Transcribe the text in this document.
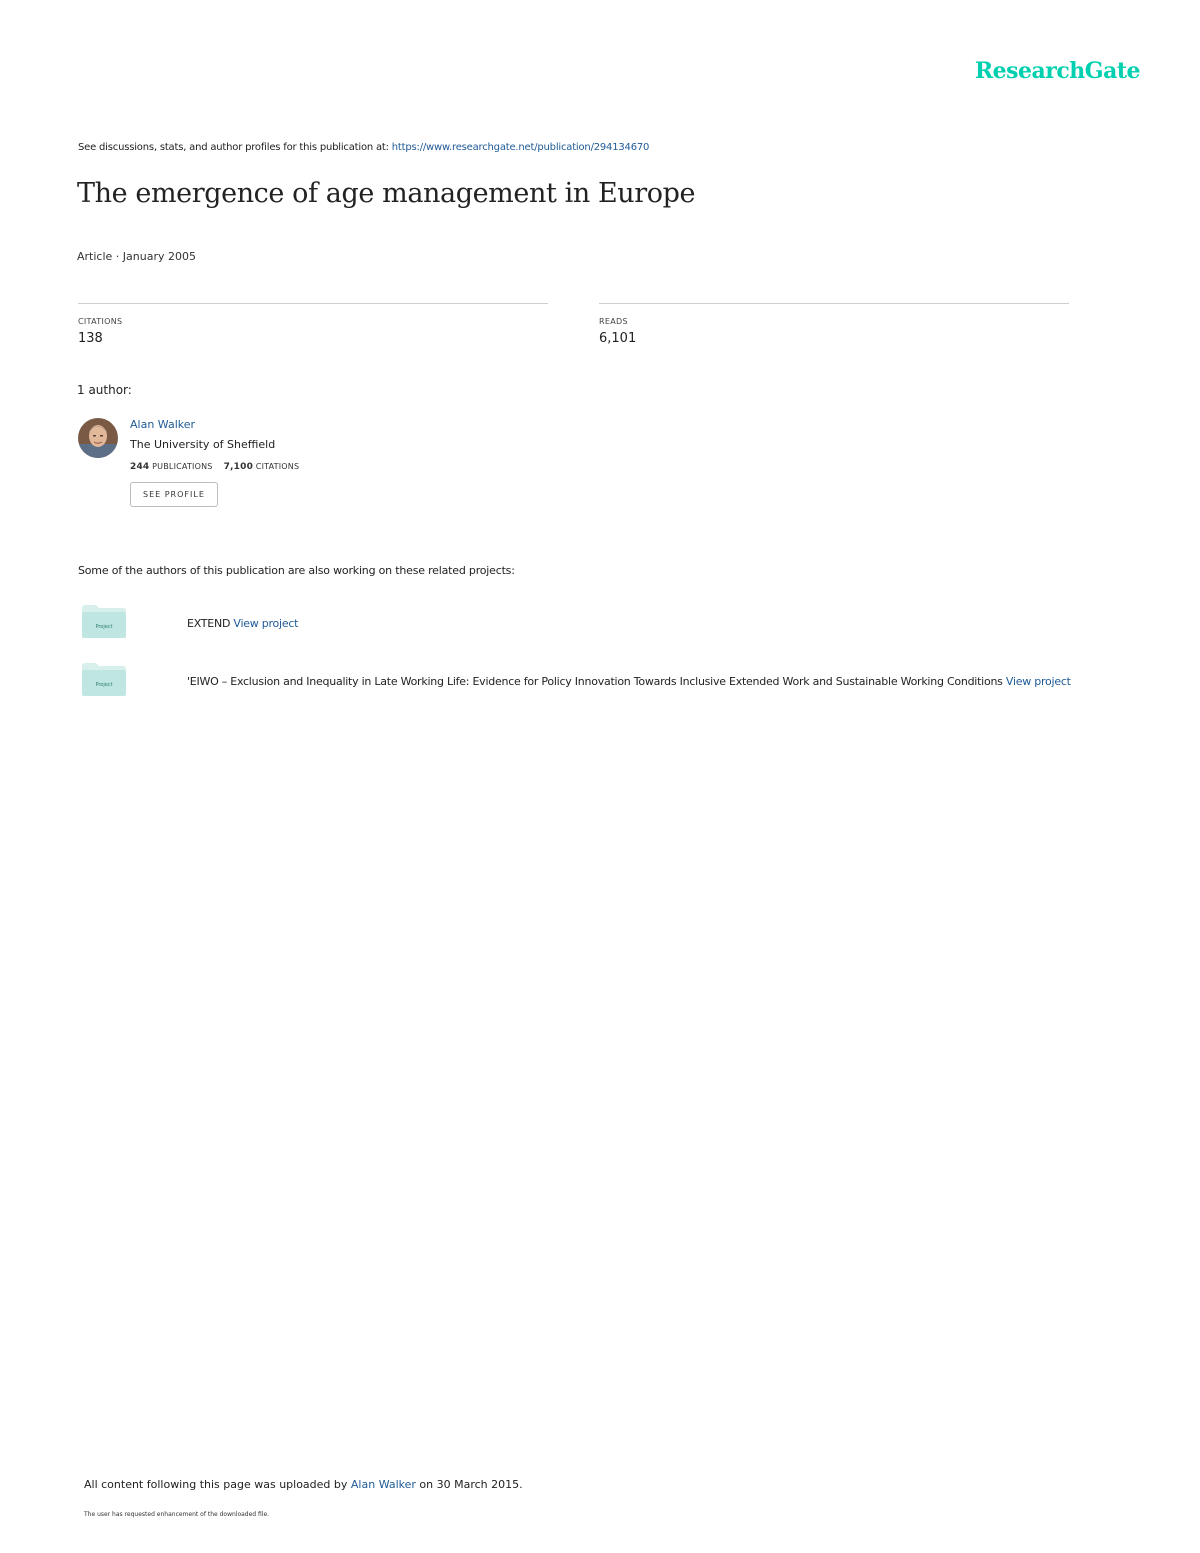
ResearchGate
See discussions, stats, and author profiles for this publication at: https://www.researchgate.net/publication/294134670
The emergence of age management in Europe
Article · January 2005
CITATIONS
138
READS
6,101
1 author:
Alan Walker
The University of Sheffield
244 PUBLICATIONS 7,100 CITATIONS
SEE PROFILE
Some of the authors of this publication are also working on these related projects:
Project	EXTEND View project
Project	'EIWO – Exclusion and Inequality in Late Working Life: Evidence for Policy Innovation Towards Inclusive Extended Work and Sustainable Working Conditions View project
All content following this page was uploaded by Alan Walker on 30 March 2015.
The user has requested enhancement of the downloaded file.
